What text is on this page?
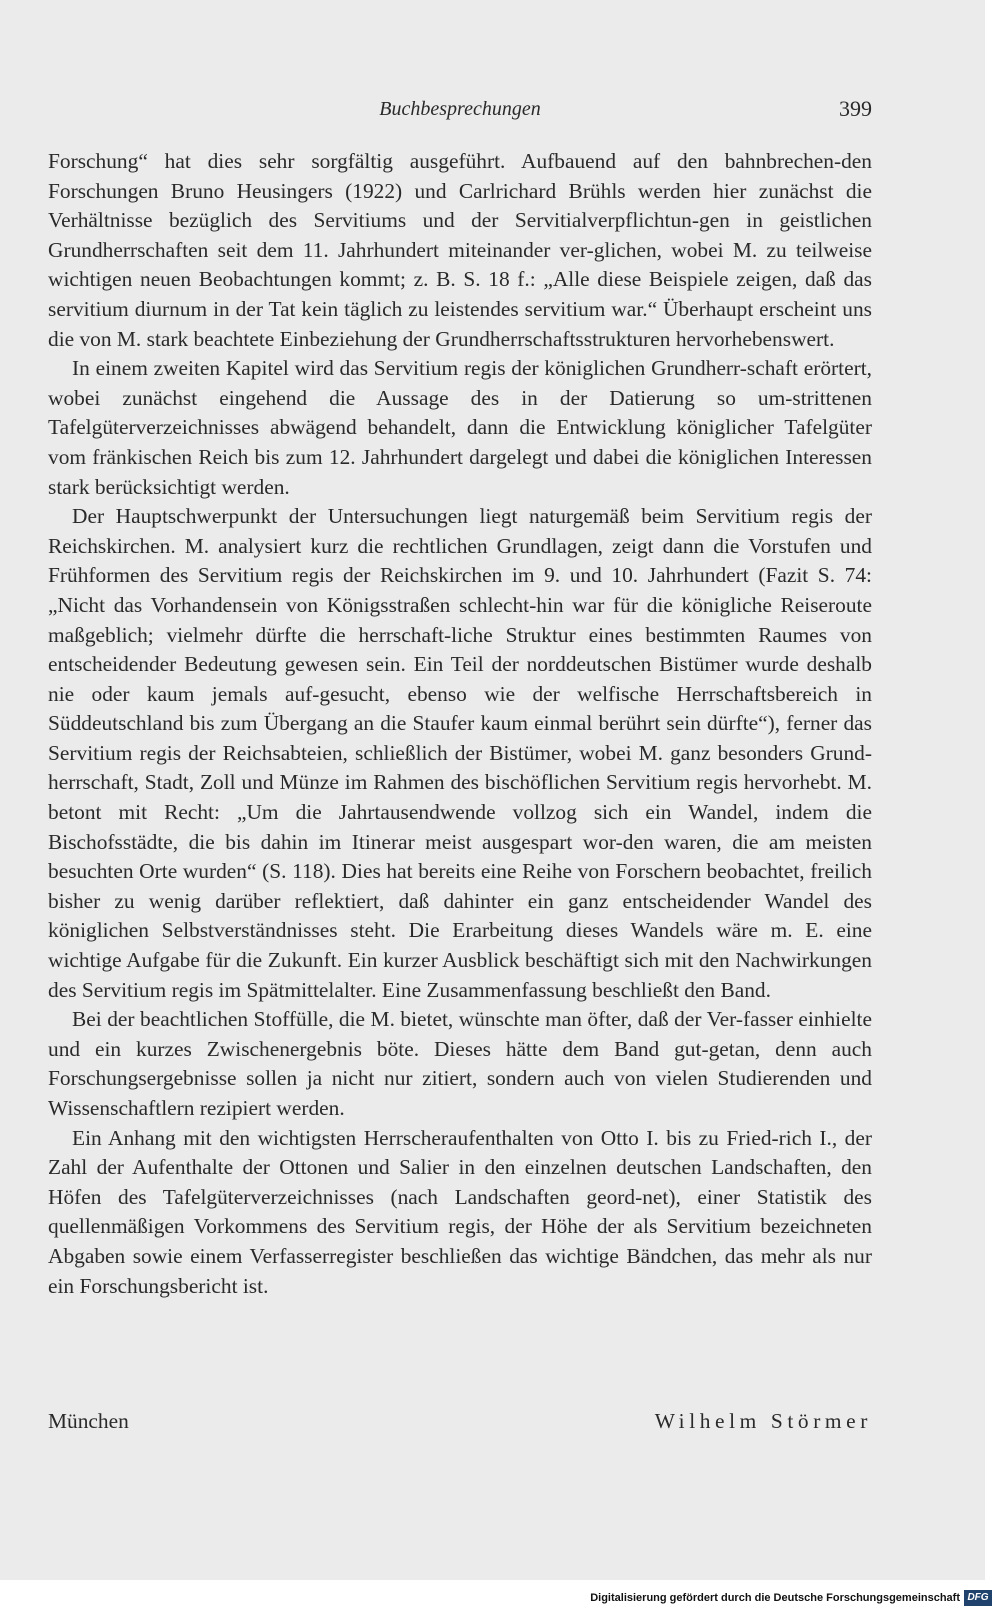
Buchbesprechungen	399

Forschung“ hat dies sehr sorgfältig ausgeführt. Aufbauend auf den bahnbrechen-den Forschungen Bruno Heusingers (1922) und Carlrichard Brühls werden hier zunächst die Verhältnisse bezüglich des Servitiums und der Servitialverpflichtun-gen in geistlichen Grundherrschaften seit dem 11. Jahrhundert miteinander ver-glichen, wobei M. zu teilweise wichtigen neuen Beobachtungen kommt; z. B. S. 18 f.: „Alle diese Beispiele zeigen, daß das servitium diurnum in der Tat kein täglich zu leistendes servitium war.“ Überhaupt erscheint uns die von M. stark beachtete Einbeziehung der Grundherrschaftsstrukturen hervorhebenswert.

In einem zweiten Kapitel wird das Servitium regis der königlichen Grundherr-schaft erörtert, wobei zunächst eingehend die Aussage des in der Datierung so um-strittenen Tafelgüterverzeichnisses abwägend behandelt, dann die Entwicklung königlicher Tafelgüter vom fränkischen Reich bis zum 12. Jahrhundert dargelegt und dabei die königlichen Interessen stark berücksichtigt werden.

Der Hauptschwerpunkt der Untersuchungen liegt naturgemäß beim Servitium regis der Reichskirchen. M. analysiert kurz die rechtlichen Grundlagen, zeigt dann die Vorstufen und Frühformen des Servitium regis der Reichskirchen im 9. und 10. Jahrhundert (Fazit S. 74: „Nicht das Vorhandensein von Königsstraßen schlecht-hin war für die königliche Reiseroute maßgeblich; vielmehr dürfte die herrschaft-liche Struktur eines bestimmten Raumes von entscheidender Bedeutung gewesen sein. Ein Teil der norddeutschen Bistümer wurde deshalb nie oder kaum jemals auf-gesucht, ebenso wie der welfische Herrschaftsbereich in Süddeutschland bis zum Übergang an die Staufer kaum einmal berührt sein dürfte“), ferner das Servitium regis der Reichsabteien, schließlich der Bistümer, wobei M. ganz besonders Grund-herrschaft, Stadt, Zoll und Münze im Rahmen des bischöflichen Servitium regis hervorhebt. M. betont mit Recht: „Um die Jahrtausendwende vollzog sich ein Wandel, indem die Bischofsstädte, die bis dahin im Itinerar meist ausgespart wor-den waren, die am meisten besuchten Orte wurden“ (S. 118). Dies hat bereits eine Reihe von Forschern beobachtet, freilich bisher zu wenig darüber reflektiert, daß dahinter ein ganz entscheidender Wandel des königlichen Selbstverständnisses steht. Die Erarbeitung dieses Wandels wäre m. E. eine wichtige Aufgabe für die Zukunft. Ein kurzer Ausblick beschäftigt sich mit den Nachwirkungen des Servitium regis im Spätmittelalter. Eine Zusammenfassung beschließt den Band.

Bei der beachtlichen Stoffülle, die M. bietet, wünschte man öfter, daß der Ver-fasser einhielte und ein kurzes Zwischenergebnis böte. Dieses hätte dem Band gut-getan, denn auch Forschungsergebnisse sollen ja nicht nur zitiert, sondern auch von vielen Studierenden und Wissenschaftlern rezipiert werden.

Ein Anhang mit den wichtigsten Herrscheraufenthalten von Otto I. bis zu Fried-rich I., der Zahl der Aufenthalte der Ottonen und Salier in den einzelnen deutschen Landschaften, den Höfen des Tafelgüterverzeichnisses (nach Landschaften geord-net), einer Statistik des quellenmäßigen Vorkommens des Servitium regis, der Höhe der als Servitium bezeichneten Abgaben sowie einem Verfasserregister beschließen das wichtige Bändchen, das mehr als nur ein Forschungsbericht ist.

München	Wilhelm Störmer
Digitalisierung gefördert durch die Deutsche Forschungsgemeinschaft DFG
